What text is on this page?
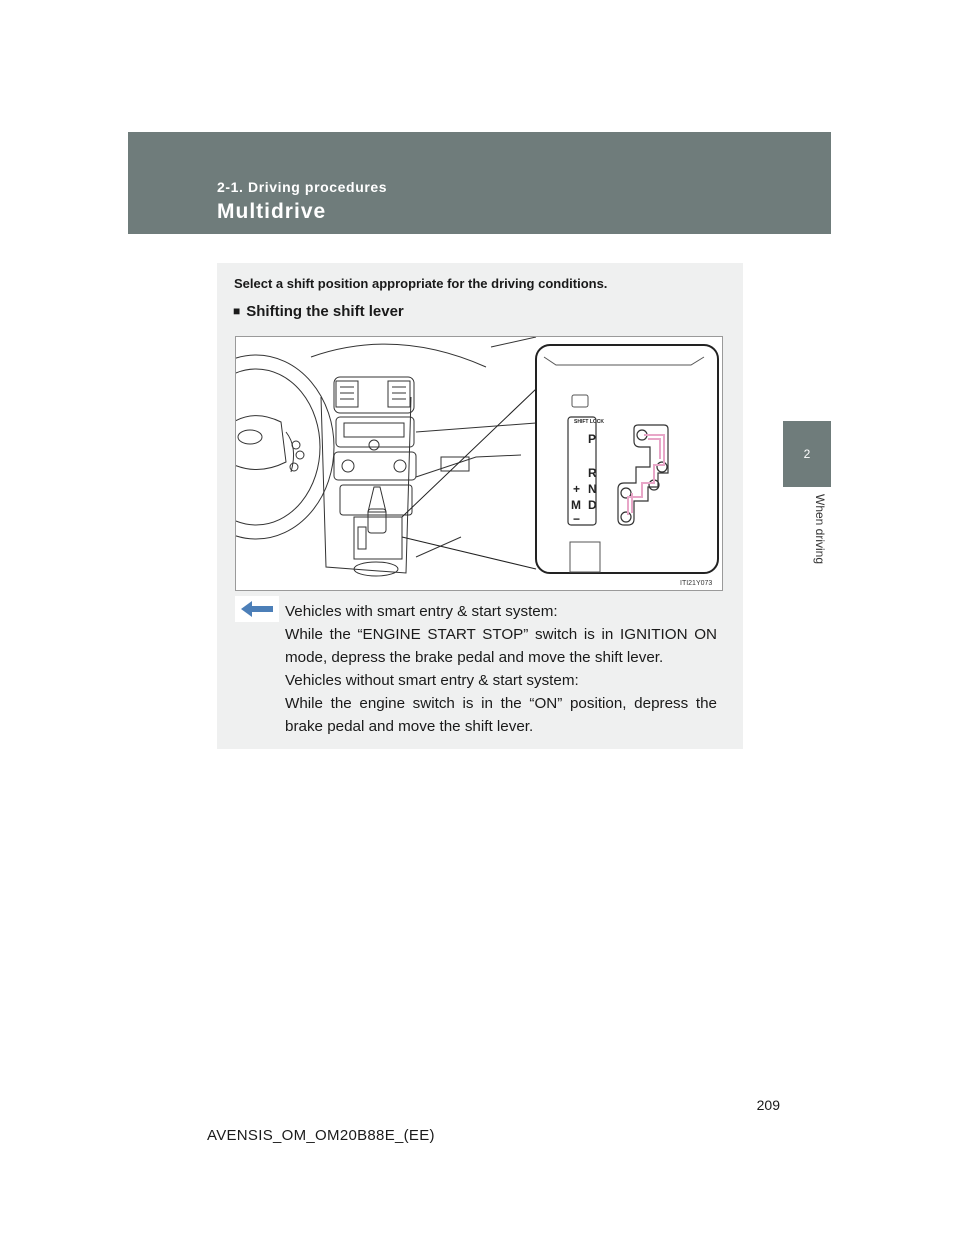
2-1. Driving procedures
Multidrive
2
When driving
Select a shift position appropriate for the driving conditions.
■ Shifting the shift lever
SHIFT LOCK
P
R
N
D
+
M
−
ITI21Y073

Vehicles with smart entry & start system:

While the “ENGINE START STOP” switch is in IGNITION ON mode, depress the brake pedal and move the shift lever.

Vehicles without smart entry & start system:

While the engine switch is in the “ON” position, depress the brake pedal and move the shift lever.

209
AVENSIS_OM_OM20B88E_(EE)
